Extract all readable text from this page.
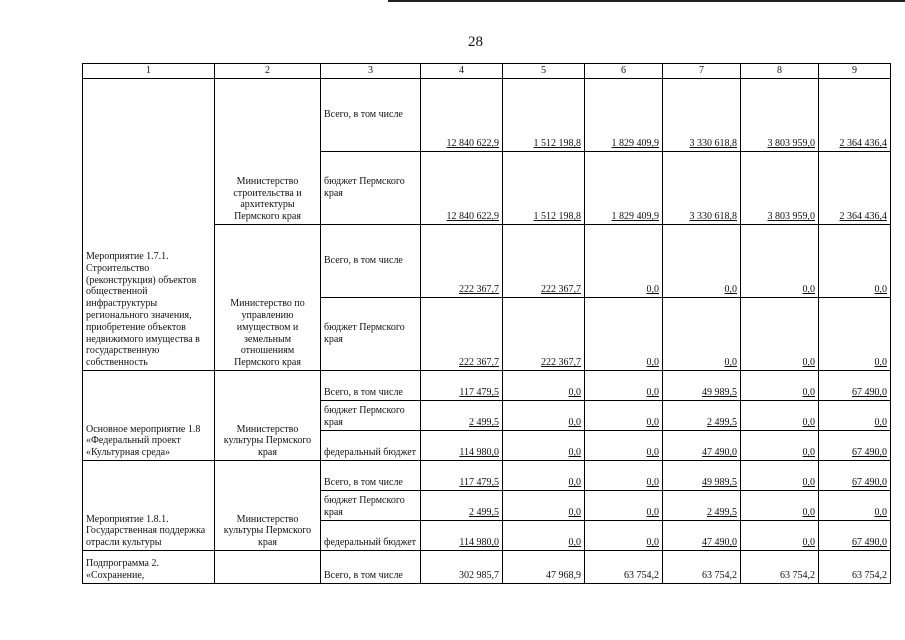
28
1	2	3	4	5	6	7	8	9
Мероприятие 1.7.1. Строительство (реконструкция) объектов общественной инфраструктуры регионального значения, приобретение объектов недвижимого имущества в государственную собственность	Министерство строительства и архитектуры Пермского края	Всего, в том числе	12 840 622,9	1 512 198,8	1 829 409,9	3 330 618,8	3 803 959,0	2 364 436,4
		бюджет Пермского края	12 840 622,9	1 512 198,8	1 829 409,9	3 330 618,8	3 803 959,0	2 364 436,4
	Министерство по управлению имуществом и земельным отношениям Пермского края	Всего, в том числе	222 367,7	222 367,7	0,0	0,0	0,0	0,0
		бюджет Пермского края	222 367,7	222 367,7	0,0	0,0	0,0	0,0
Основное мероприятие 1.8 «Федеральный проект «Культурная среда»	Министерство культуры Пермского края	Всего, в том числе	117 479,5	0,0	0,0	49 989,5	0,0	67 490,0
		бюджет Пермского края	2 499,5	0,0	0,0	2 499,5	0,0	0,0
		федеральный бюджет	114 980,0	0,0	0,0	47 490,0	0,0	67 490,0
Мероприятие 1.8.1. Государственная поддержка отрасли культуры	Министерство культуры Пермского края	Всего, в том числе	117 479,5	0,0	0,0	49 989,5	0,0	67 490,0
		бюджет Пермского края	2 499,5	0,0	0,0	2 499,5	0,0	0,0
		федеральный бюджет	114 980,0	0,0	0,0	47 490,0	0,0	67 490,0
Подпрограмма 2. «Сохранение,		Всего, в том числе	302 985,7	47 968,9	63 754,2	63 754,2	63 754,2	63 754,2
